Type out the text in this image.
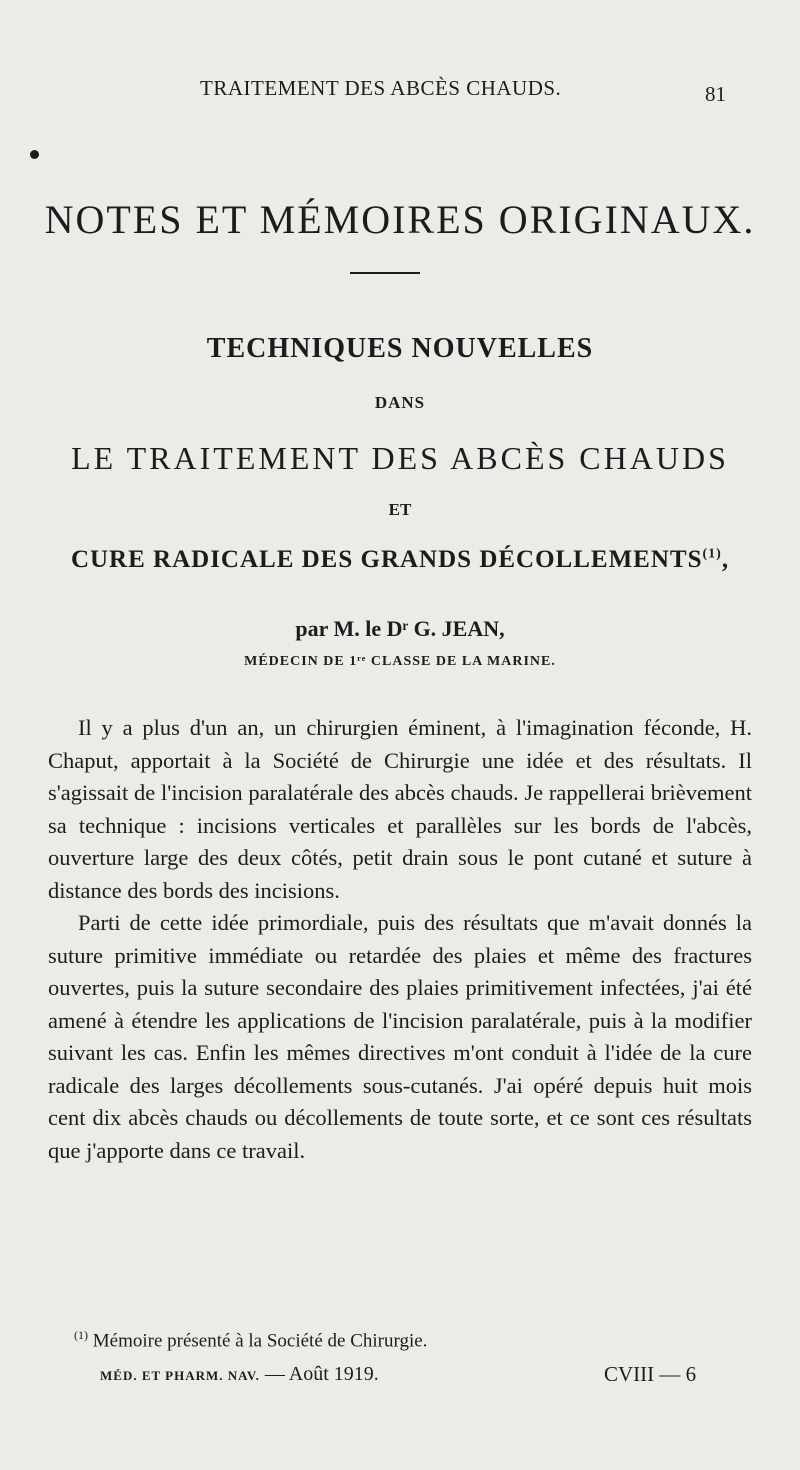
TRAITEMENT DES ABCÈS CHAUDS.	81
NOTES ET MÉMOIRES ORIGINAUX.
TECHNIQUES NOUVELLES
DANS
LE TRAITEMENT DES ABCÈS CHAUDS
ET
CURE RADICALE DES GRANDS DÉCOLLEMENTS$^{(1)}$,
par M. le Dʳ G. JEAN,
MÉDECIN DE 1ʳᵉ CLASSE DE LA MARINE.

Il y a plus d'un an, un chirurgien éminent, à l'imagination féconde, H. Chaput, apportait à la Société de Chirurgie une idée et des résultats. Il s'agissait de l'incision paralatérale des abcès chauds. Je rappellerai brièvement sa technique : incisions verticales et parallèles sur les bords de l'abcès, ouverture large des deux côtés, petit drain sous le pont cutané et suture à distance des bords des incisions.

Parti de cette idée primordiale, puis des résultats que m'avait donnés la suture primitive immédiate ou retardée des plaies et même des fractures ouvertes, puis la suture secondaire des plaies primitivement infectées, j'ai été amené à étendre les applications de l'incision paralatérale, puis à la modifier suivant les cas. Enfin les mêmes directives m'ont conduit à l'idée de la cure radicale des larges décollements sous-cutanés. J'ai opéré depuis huit mois cent dix abcès chauds ou décollements de toute sorte, et ce sont ces résultats que j'apporte dans ce travail.

$^{(1)}$ Mémoire présenté à la Société de Chirurgie.
MÉD. ET PHARM. NAV. — Août 1919.	CVIII — 6
